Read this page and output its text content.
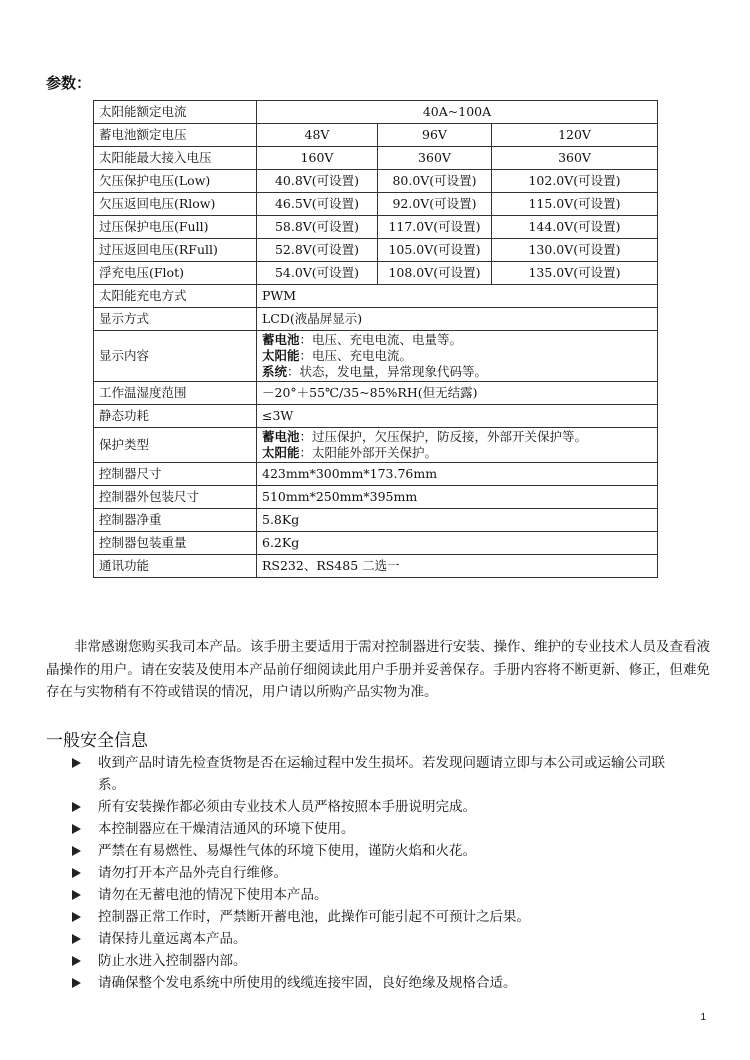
参数：
太阳能额定电流	40A~100A		
蓄电池额定电压	48V	96V	120V
太阳能最大接入电压	160V	360V	360V
欠压保护电压(Low)	40.8V(可设置)	80.0V(可设置)	102.0V(可设置)
欠压返回电压(Rlow)	46.5V(可设置)	92.0V(可设置)	115.0V(可设置)
过压保护电压(Full)	58.8V(可设置)	117.0V(可设置)	144.0V(可设置)
过压返回电压(RFull)	52.8V(可设置)	105.0V(可设置)	130.0V(可设置)
浮充电压(Flot)	54.0V(可设置)	108.0V(可设置)	135.0V(可设置)
太阳能充电方式	PWM		
显示方式	LCD(液晶屏显示)		
显示内容	蓄电池：电压、充电电流、电量等。
太阳能：电压、充电电流。
系统：状态，发电量，异常现象代码等。		

工作温湿度范围	－20°＋55℃/35~85%RH(但无结露)		
静态功耗	≤3W		
保护类型	蓄电池：过压保护，欠压保护，防反接，外部开关保护等。
太阳能：太阳能外部开关保护。		

控制器尺寸	423mm*300mm*173.76mm		
控制器外包装尺寸	510mm*250mm*395mm		
控制器净重	5.8Kg		
控制器包装重量	6.2Kg		
通讯功能	RS232、RS485 二选一		

非常感谢您购买我司本产品。该手册主要适用于需对控制器进行安装、操作、维护的专业技术人员及查看液晶操作的用户。请在安装及使用本产品前仔细阅读此用户手册并妥善保存。手册内容将不断更新、修正，但难免存在与实物稍有不符或错误的情况，用户请以所购产品实物为准。

一般安全信息
收到产品时请先检查货物是否在运输过程中发生损坏。若发现问题请立即与本公司或运输公司联系。
所有安装操作都必须由专业技术人员严格按照本手册说明完成。
本控制器应在干燥清洁通风的环境下使用。
严禁在有易燃性、易爆性气体的环境下使用，谨防火焰和火花。
请勿打开本产品外壳自行维修。
请勿在无蓄电池的情况下使用本产品。
控制器正常工作时，严禁断开蓄电池，此操作可能引起不可预计之后果。
请保持儿童远离本产品。
防止水进入控制器内部。
请确保整个发电系统中所使用的线缆连接牢固，良好绝缘及规格合适。
1
